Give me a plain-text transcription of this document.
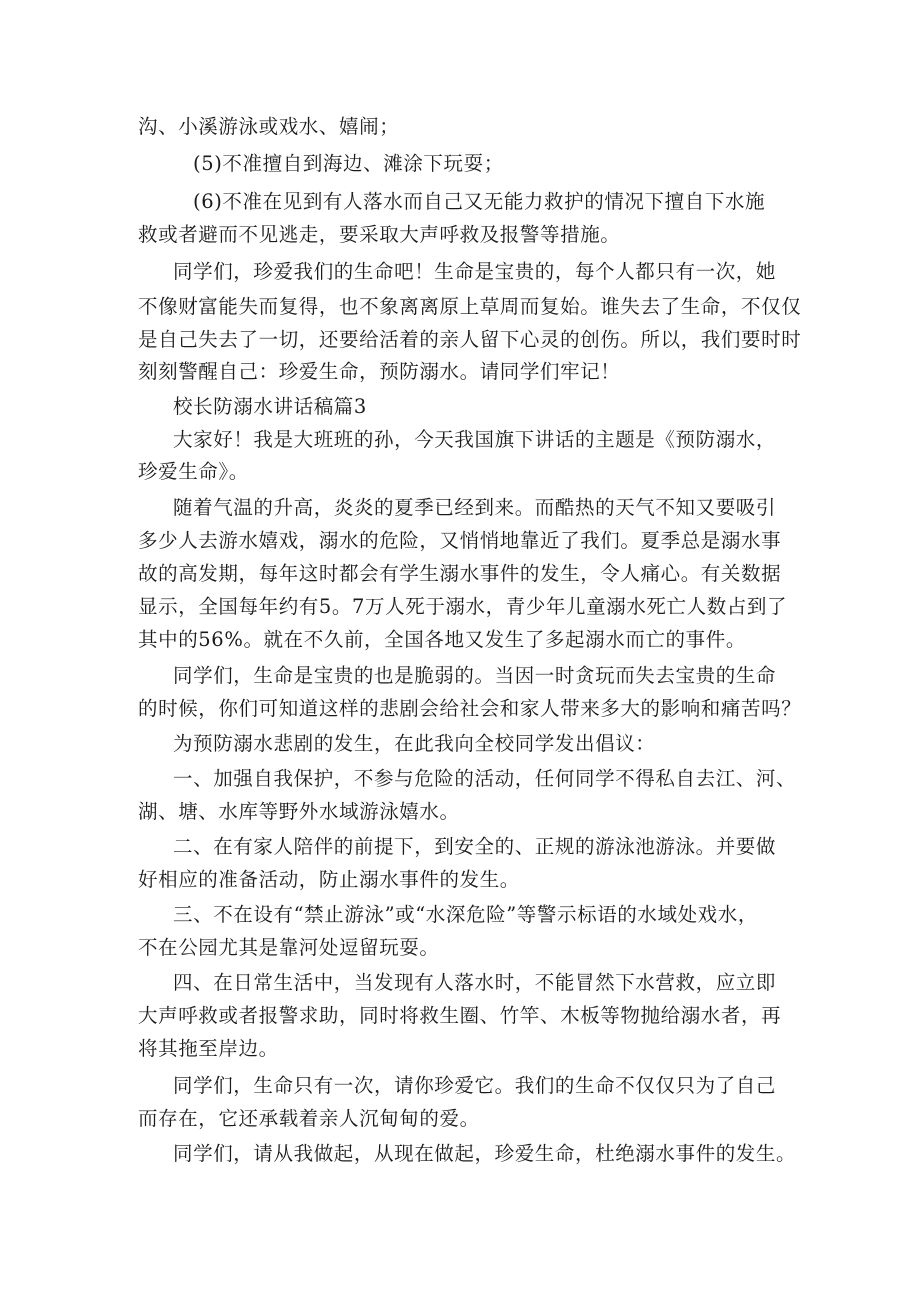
沟、小溪游泳或戏水、嬉闹；
(5)不准擅自到海边、滩涂下玩耍；
(6)不准在见到有人落水而自己又无能力救护的情况下擅自下水施
救或者避而不见逃走，要采取大声呼救及报警等措施。
同学们，珍爱我们的生命吧！生命是宝贵的，每个人都只有一次，她
不像财富能失而复得，也不象离离原上草周而复始。谁失去了生命，不仅仅
是自己失去了一切，还要给活着的亲人留下心灵的创伤。所以，我们要时时
刻刻警醒自己：珍爱生命，预防溺水。请同学们牢记！
校长防溺水讲话稿篇3
大家好！我是大班班的孙，今天我国旗下讲话的主题是《预防溺水，
珍爱生命》。
随着气温的升高，炎炎的夏季已经到来。而酷热的天气不知又要吸引
多少人去游水嬉戏，溺水的危险，又悄悄地靠近了我们。夏季总是溺水事
故的高发期，每年这时都会有学生溺水事件的发生，令人痛心。有关数据
显示，全国每年约有5。7万人死于溺水，青少年儿童溺水死亡人数占到了
其中的56%。就在不久前，全国各地又发生了多起溺水而亡的事件。
同学们，生命是宝贵的也是脆弱的。当因一时贪玩而失去宝贵的生命
的时候，你们可知道这样的悲剧会给社会和家人带来多大的影响和痛苦吗？
为预防溺水悲剧的发生，在此我向全校同学发出倡议：
一、加强自我保护，不参与危险的活动，任何同学不得私自去江、河、
湖、塘、水库等野外水域游泳嬉水。
二、在有家人陪伴的前提下，到安全的、正规的游泳池游泳。并要做
好相应的准备活动，防止溺水事件的发生。
三、不在设有“禁止游泳”或“水深危险”等警示标语的水域处戏水，
不在公园尤其是靠河处逗留玩耍。
四、在日常生活中，当发现有人落水时，不能冒然下水营救，应立即
大声呼救或者报警求助，同时将救生圈、竹竿、木板等物抛给溺水者，再
将其拖至岸边。
同学们，生命只有一次，请你珍爱它。我们的生命不仅仅只为了自己
而存在，它还承载着亲人沉甸甸的爱。
同学们，请从我做起，从现在做起，珍爱生命，杜绝溺水事件的发生。
